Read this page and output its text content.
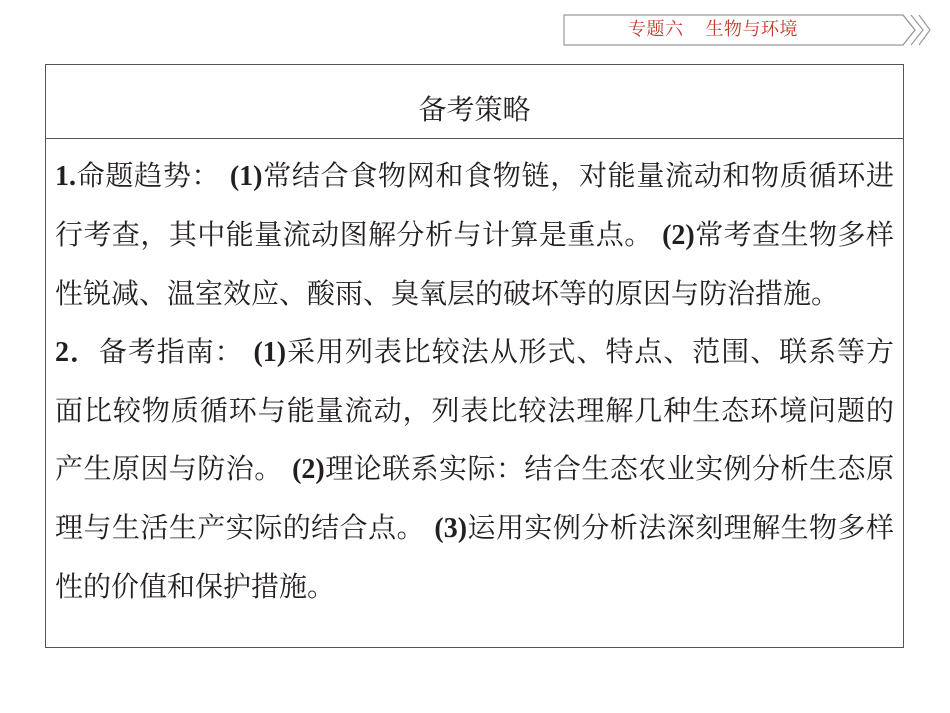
专题六 生物与环境
备考策略

1.命题趋势： (1)常结合食物网和食物链，对能量流动和物质循环进行考查，其中能量流动图解分析与计算是重点。 (2)常考查生物多样性锐减、温室效应、酸雨、臭氧层的破坏等的原因与防治措施。

2．备考指南： (1)采用列表比较法从形式、特点、范围、联系等方面比较物质循环与能量流动，列表比较法理解几种生态环境问题的产生原因与防治。 (2)理论联系实际：结合生态农业实例分析生态原理与生活生产实际的结合点。 (3)运用实例分析法深刻理解生物多样性的价值和保护措施。
